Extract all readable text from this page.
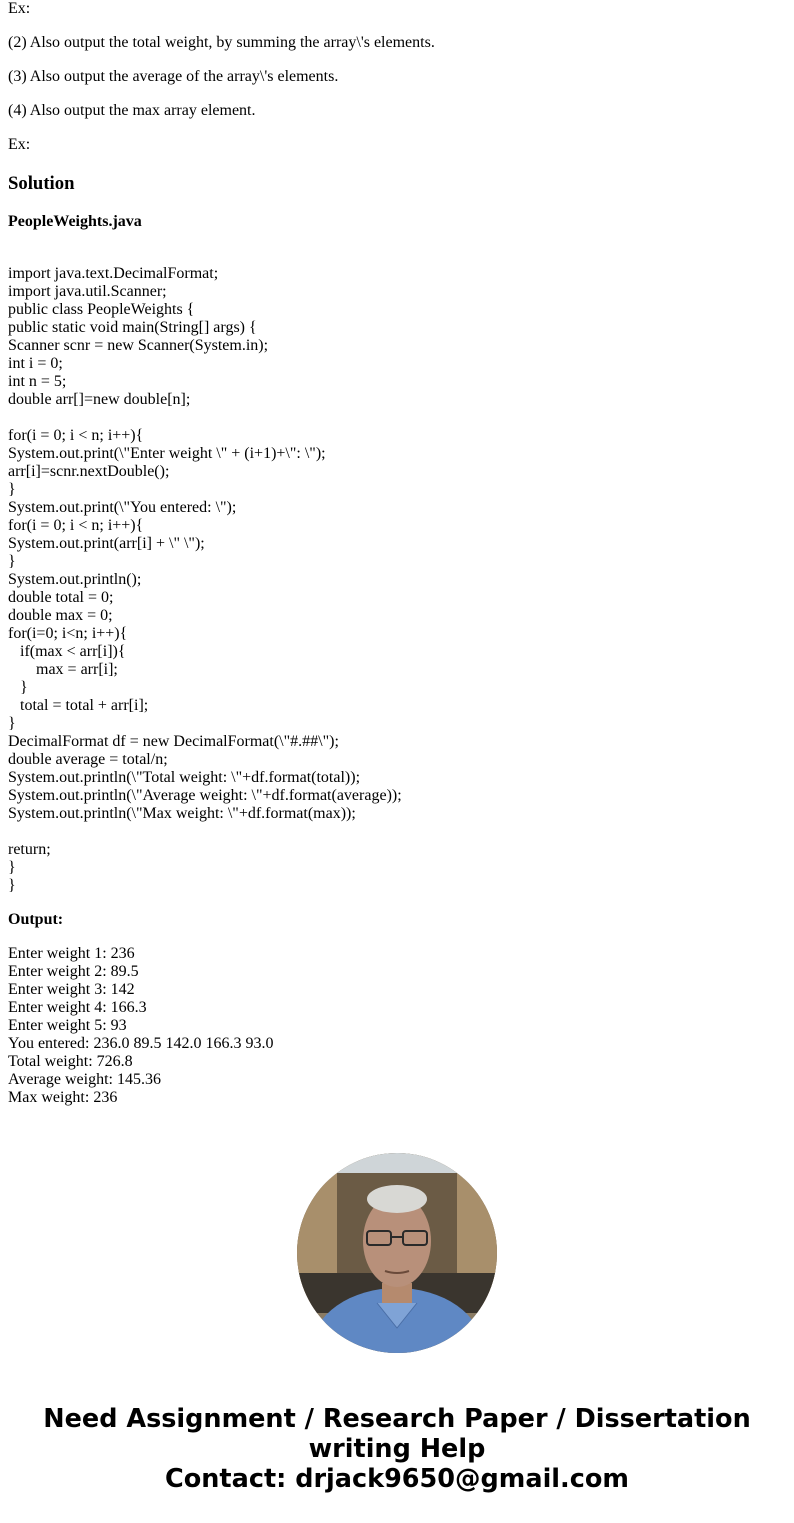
Ex:

(2) Also output the total weight, by summing the array\'s elements.

(3) Also output the average of the array\'s elements.

(4) Also output the max array element.

Ex:

Solution

PeopleWeights.java

import java.text.DecimalFormat;
import java.util.Scanner;
public class PeopleWeights {
public static void main(String[] args) {
Scanner scnr = new Scanner(System.in);
int i = 0;
int n = 5;
double arr[]=new double[n];
for(i = 0; i < n; i++){
System.out.print(\"Enter weight \" + (i+1)+\": \");
arr[i]=scnr.nextDouble();
}
System.out.print(\"You entered: \");
for(i = 0; i < n; i++){
System.out.print(arr[i] + \" \");
}
System.out.println();
double total = 0;
double max = 0;
for(i=0; i<n; i++){
if(max < arr[i]){
max = arr[i];
}
total = total + arr[i];
}
DecimalFormat df = new DecimalFormat(\"#.##\");
double average = total/n;
System.out.println(\"Total weight: \"+df.format(total));
System.out.println(\"Average weight: \"+df.format(average));
System.out.println(\"Max weight: \"+df.format(max));
return;
}
}

Output:

Enter weight 1: 236
Enter weight 2: 89.5
Enter weight 3: 142
Enter weight 4: 166.3
Enter weight 5: 93
You entered: 236.0 89.5 142.0 166.3 93.0
Total weight: 726.8
Average weight: 145.36
Max weight: 236
Need Assignment / Research Paper / Dissertation
writing Help
Contact: drjack9650@gmail.com
